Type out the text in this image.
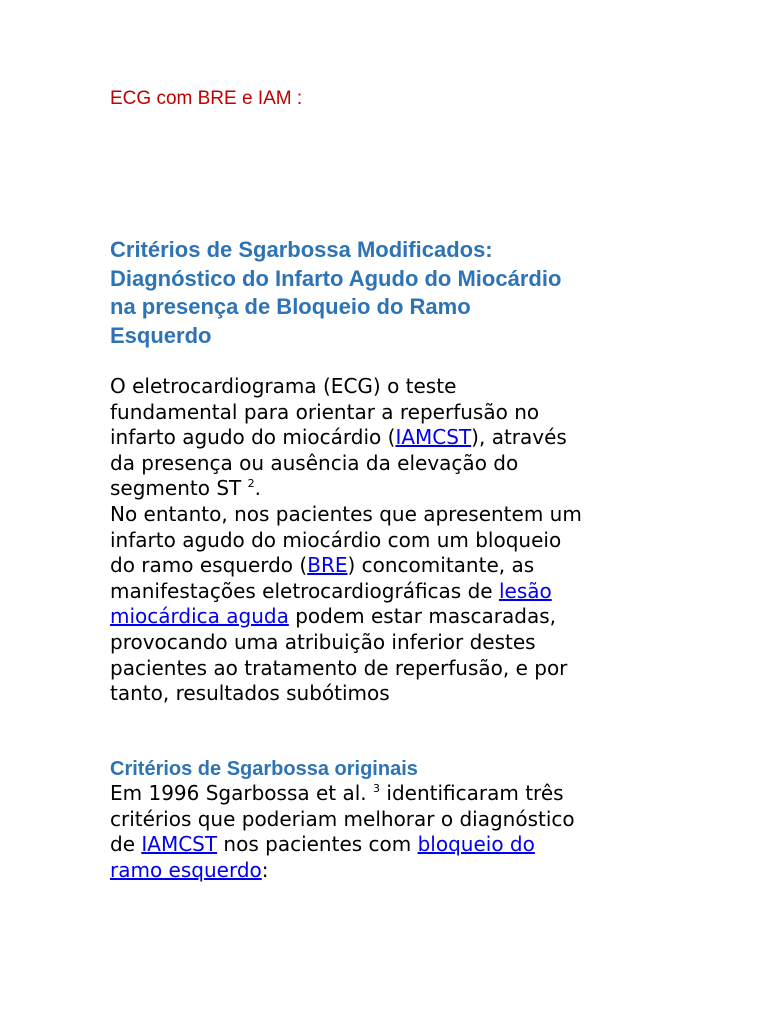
ECG com BRE e IAM :
Critérios de Sgarbossa Modificados:
Diagnóstico do Infarto Agudo do Miocárdio
na presença de Bloqueio do Ramo
Esquerdo

O eletrocardiograma (ECG) o teste
fundamental para orientar a reperfusão no
infarto agudo do miocárdio (IAMCST), através
da presença ou ausência da elevação do
segmento ST $^2$.
No entanto, nos pacientes que apresentem um
infarto agudo do miocárdio com um bloqueio
do ramo esquerdo (BRE) concomitante, as
manifestações eletrocardiográficas de lesão
miocárdica aguda podem estar mascaradas,
provocando uma atribuição inferior destes
pacientes ao tratamento de reperfusão, e por
tanto, resultados subótimos

Critérios de Sgarbossa originais

Em 1996 Sgarbossa et al. $^3$ identificaram três
critérios que poderiam melhorar o diagnóstico
de IAMCST nos pacientes com bloqueio do
ramo esquerdo:
